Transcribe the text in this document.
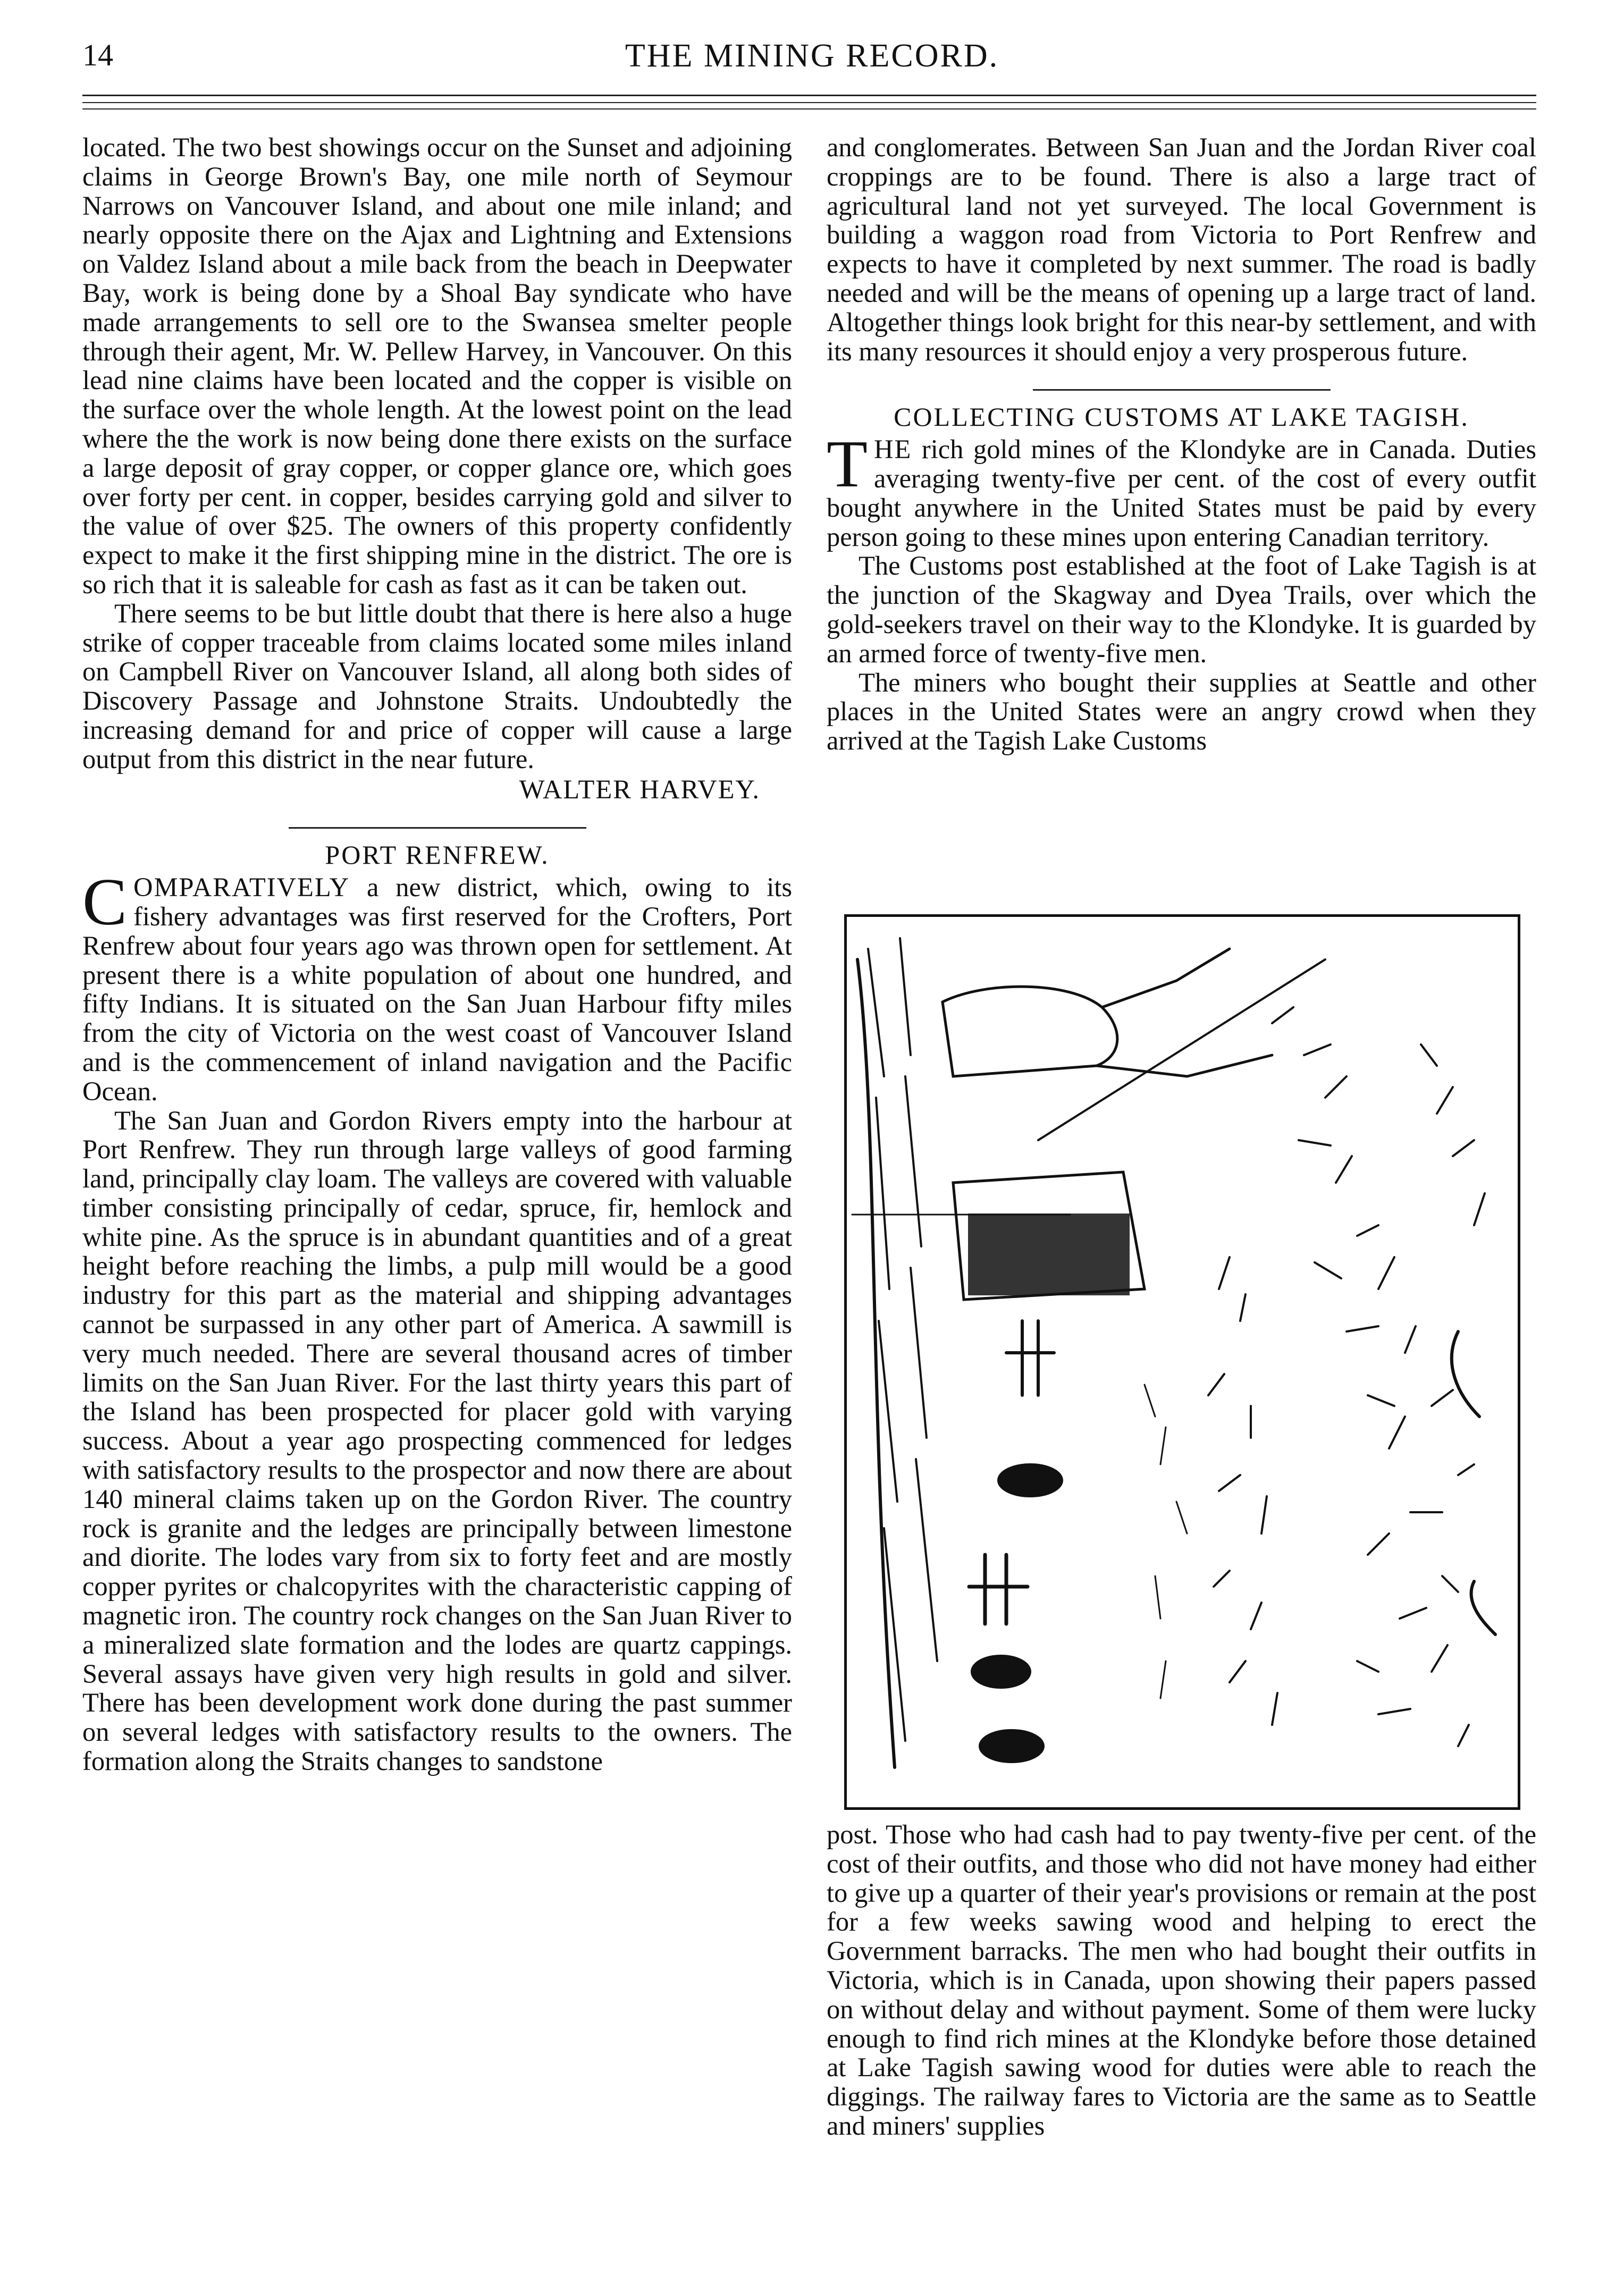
14	THE MINING RECORD.

located. The two best showings occur on the Sunset and adjoining claims in George Brown's Bay, one mile north of Seymour Narrows on Vancouver Island, and about one mile inland; and nearly opposite there on the Ajax and Lightning and Extensions on Valdez Island about a mile back from the beach in Deepwater Bay, work is being done by a Shoal Bay syndicate who have made arrangements to sell ore to the Swansea smelter people through their agent, Mr. W. Pellew Harvey, in Vancouver. On this lead nine claims have been located and the copper is visible on the surface over the whole length. At the lowest point on the lead where the the work is now being done there exists on the surface a large deposit of gray copper, or copper glance ore, which goes over forty per cent. in copper, besides carrying gold and silver to the value of over $25. The owners of this property confidently expect to make it the first shipping mine in the district. The ore is so rich that it is saleable for cash as fast as it can be taken out.

There seems to be but little doubt that there is here also a huge strike of copper traceable from claims located some miles inland on Campbell River on Vancouver Island, all along both sides of Discovery Passage and Johnstone Straits. Undoubtedly the increasing demand for and price of copper will cause a large output from this district in the near future.

WALTER HARVEY.
PORT RENFREW.

COMPARATIVELY a new district, which, owing to its fishery advantages was first reserved for the Crofters, Port Renfrew about four years ago was thrown open for settlement. At present there is a white population of about one hundred, and fifty Indians. It is situated on the San Juan Harbour fifty miles from the city of Victoria on the west coast of Vancouver Island and is the commencement of inland navigation and the Pacific Ocean.

The San Juan and Gordon Rivers empty into the harbour at Port Renfrew. They run through large valleys of good farming land, principally clay loam. The valleys are covered with valuable timber consisting principally of cedar, spruce, fir, hemlock and white pine. As the spruce is in abundant quantities and of a great height before reaching the limbs, a pulp mill would be a good industry for this part as the material and shipping advantages cannot be surpassed in any other part of America. A sawmill is very much needed. There are several thousand acres of timber limits on the San Juan River. For the last thirty years this part of the Island has been prospected for placer gold with varying success. About a year ago prospecting commenced for ledges with satisfactory results to the prospector and now there are about 140 mineral claims taken up on the Gordon River. The country rock is granite and the ledges are principally between limestone and diorite. The lodes vary from six to forty feet and are mostly copper pyrites or chalcopyrites with the characteristic capping of magnetic iron. The country rock changes on the San Juan River to a mineralized slate formation and the lodes are quartz cappings. Several assays have given very high results in gold and silver. There has been development work done during the past summer on several ledges with satisfactory results to the owners. The formation along the Straits changes to sandstone

and conglomerates. Between San Juan and the Jordan River coal croppings are to be found. There is also a large tract of agricultural land not yet surveyed. The local Government is building a waggon road from Victoria to Port Renfrew and expects to have it completed by next summer. The road is badly needed and will be the means of opening up a large tract of land. Altogether things look bright for this near-by settlement, and with its many resources it should enjoy a very prosperous future.

COLLECTING CUSTOMS AT LAKE TAGISH.

THE rich gold mines of the Klondyke are in Canada. Duties averaging twenty-five per cent. of the cost of every outfit bought anywhere in the United States must be paid by every person going to these mines upon entering Canadian territory.

The Customs post established at the foot of Lake Tagish is at the junction of the Skagway and Dyea Trails, over which the gold-seekers travel on their way to the Klondyke. It is guarded by an armed force of twenty-five men.

The miners who bought their supplies at Seattle and other places in the United States were an angry crowd when they arrived at the Tagish Lake Customs

post. Those who had cash had to pay twenty-five per cent. of the cost of their outfits, and those who did not have money had either to give up a quarter of their year's provisions or remain at the post for a few weeks sawing wood and helping to erect the Government barracks. The men who had bought their outfits in Victoria, which is in Canada, upon showing their papers passed on without delay and without payment. Some of them were lucky enough to find rich mines at the Klondyke before those detained at Lake Tagish sawing wood for duties were able to reach the diggings. The railway fares to Victoria are the same as to Seattle and miners' supplies
